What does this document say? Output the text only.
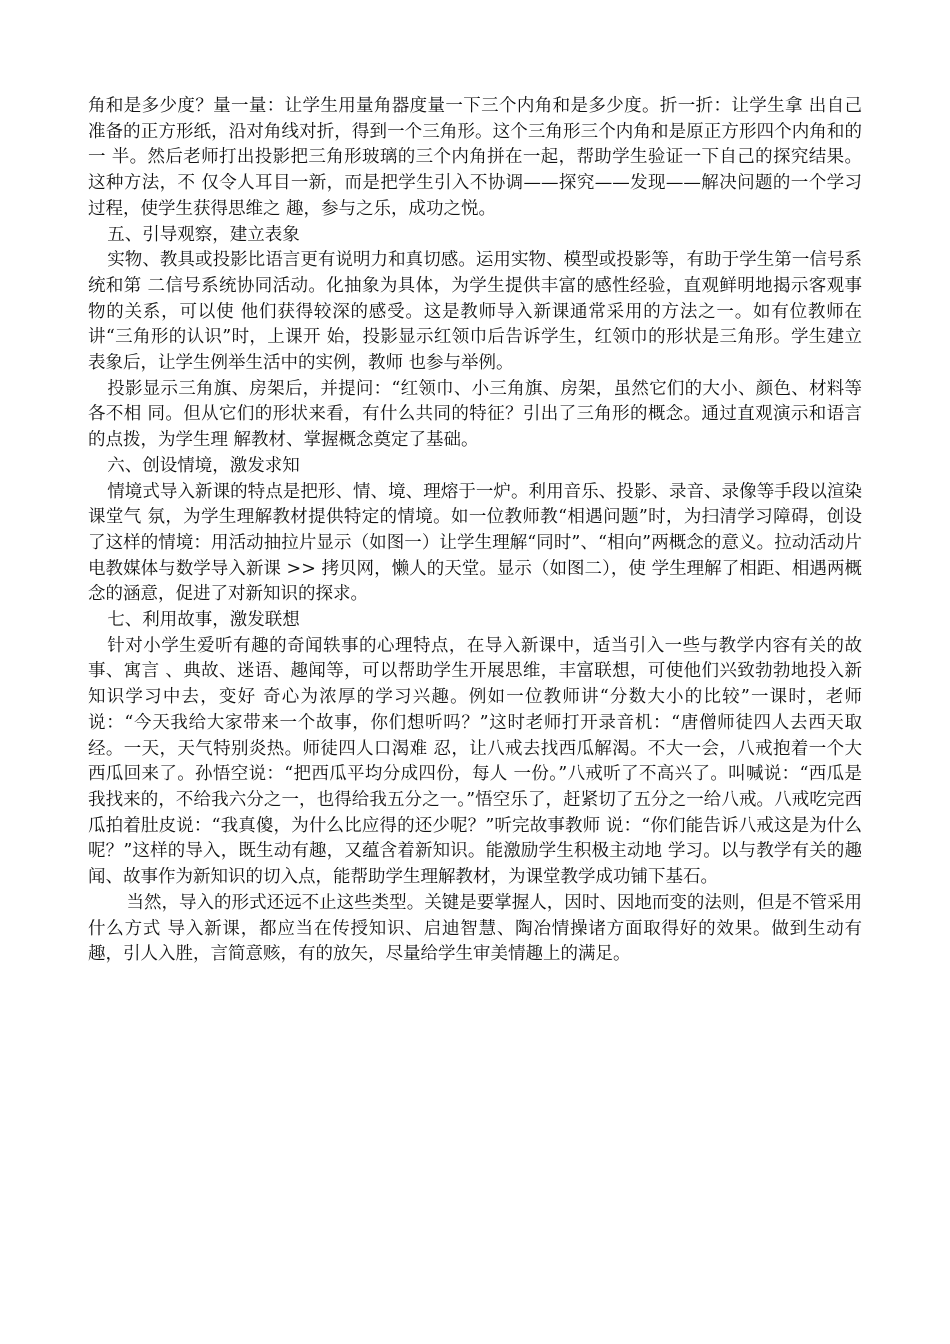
角和是多少度？量一量：让学生用量角器度量一下三个内角和是多少度。折一折：让学生拿 出自己准备的正方形纸，沿对角线对折，得到一个三角形。这个三角形三个内角和是原正方形四个内角和的一 半。然后老师打出投影把三角形玻璃的三个内角拼在一起，帮助学生验证一下自己的探究结果。这种方法，不 仅令人耳目一新，而是把学生引入不协调——探究——发现——解决问题的一个学习过程，使学生获得思维之 趣，参与之乐，成功之悦。

五、引导观察，建立表象

实物、教具或投影比语言更有说明力和真切感。运用实物、模型或投影等，有助于学生第一信号系统和第 二信号系统协同活动。化抽象为具体，为学生提供丰富的感性经验，直观鲜明地揭示客观事物的关系，可以使 他们获得较深的感受。这是教师导入新课通常采用的方法之一。如有位教师在讲“三角形的认识”时，上课开 始，投影显示红领巾后告诉学生，红领巾的形状是三角形。学生建立表象后，让学生例举生活中的实例，教师 也参与举例。

投影显示三角旗、房架后，并提问：“红领巾、小三角旗、房架，虽然它们的大小、颜色、材料等各不相 同。但从它们的形状来看，有什么共同的特征？引出了三角形的概念。通过直观演示和语言的点拨，为学生理 解教材、掌握概念奠定了基础。

六、创设情境，激发求知

情境式导入新课的特点是把形、情、境、理熔于一炉。利用音乐、投影、录音、录像等手段以渲染课堂气 氛，为学生理解教材提供特定的情境。如一位教师教“相遇问题”时，为扫清学习障碍，创设了这样的情境：用活动抽拉片显示（如图一）让学生理解“同时”、“相向”两概念的意义。拉动活动片电教媒体与数学导入新课 >> 拷贝网，懒人的天堂。显示（如图二），使 学生理解了相距、相遇两概念的涵意，促进了对新知识的探求。

七、利用故事，激发联想

针对小学生爱听有趣的奇闻轶事的心理特点，在导入新课中，适当引入一些与教学内容有关的故事、寓言 、典故、迷语、趣闻等，可以帮助学生开展思维，丰富联想，可使他们兴致勃勃地投入新知识学习中去，变好 奇心为浓厚的学习兴趣。例如一位教师讲“分数大小的比较”一课时，老师说：“今天我给大家带来一个故事，你们想听吗？”这时老师打开录音机：“唐僧师徒四人去西天取经。一天，天气特别炎热。师徒四人口渴难 忍，让八戒去找西瓜解渴。不大一会，八戒抱着一个大西瓜回来了。孙悟空说：“把西瓜平均分成四份，每人 一份。”八戒听了不高兴了。叫喊说：“西瓜是我找来的，不给我六分之一，也得给我五分之一。”悟空乐了，赶紧切了五分之一给八戒。八戒吃完西瓜拍着肚皮说：“我真傻，为什么比应得的还少呢？”听完故事教师 说：“你们能告诉八戒这是为什么呢？”这样的导入，既生动有趣，又蕴含着新知识。能激励学生积极主动地 学习。以与教学有关的趣闻、故事作为新知识的切入点，能帮助学生理解教材，为课堂教学成功铺下基石。

当然，导入的形式还远不止这些类型。关键是要掌握人，因时、因地而变的法则，但是不管采用什么方式 导入新课，都应当在传授知识、启迪智慧、陶冶情操诸方面取得好的效果。做到生动有趣，引人入胜，言简意赅，有的放矢，尽量给学生审美情趣上的满足。
